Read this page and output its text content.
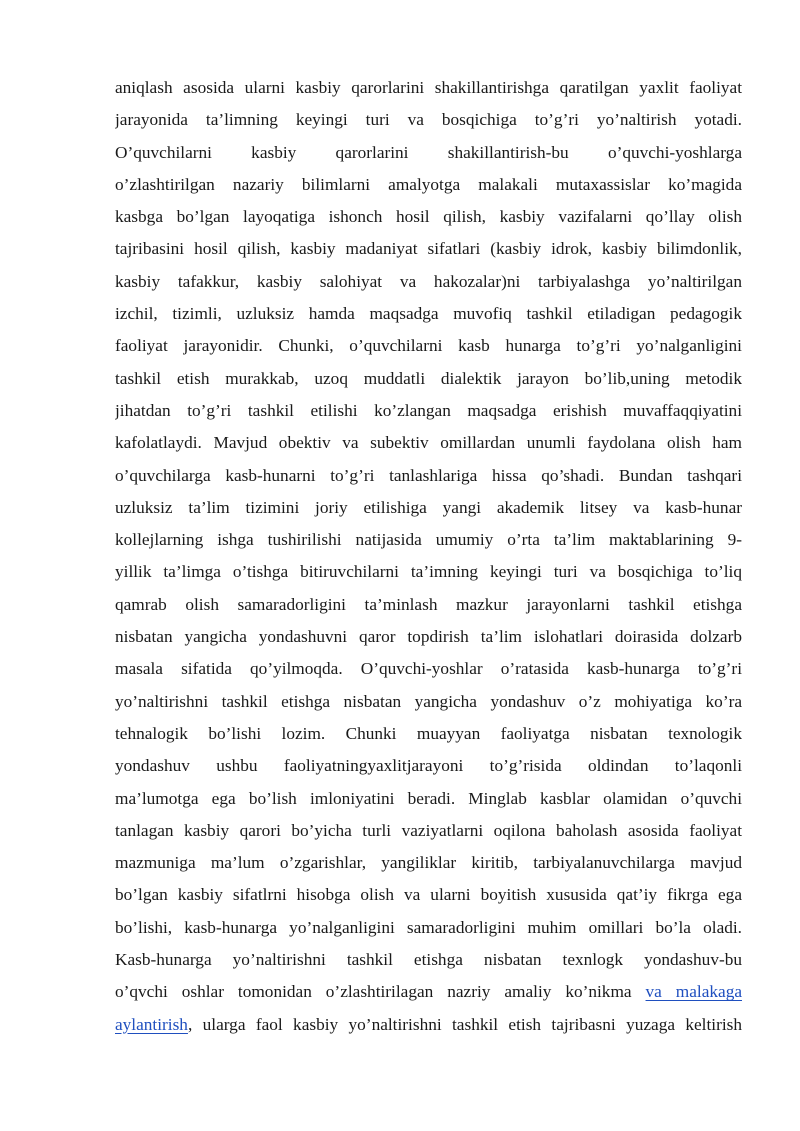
aniqlash asosida ularni kasbiy qarorlarini shakillantirishga qaratilgan yaxlit faoliyat
jarayonida ta’limning keyingi turi va bosqichiga to’g’ri yo’naltirish yotadi.
O’quvchilarni kasbiy qarorlarini shakillantirish-bu o’quvchi-yoshlarga
o’zlashtirilgan nazariy bilimlarni amalyotga malakali mutaxassislar ko’magida
kasbga bo’lgan layoqatiga ishonch hosil qilish, kasbiy vazifalarni qo’llay olish
tajribasini hosil qilish, kasbiy madaniyat sifatlari (kasbiy idrok, kasbiy bilimdonlik,
kasbiy tafakkur, kasbiy salohiyat va hakozalar)ni tarbiyalashga yo’naltirilgan
izchil, tizimli, uzluksiz hamda maqsadga muvofiq tashkil etiladigan pedagogik
faoliyat jarayonidir. Chunki, o’quvchilarni kasb hunarga to’g’ri yo’nalganligini
tashkil etish murakkab, uzoq muddatli dialektik jarayon bo’lib,uning metodik
jihatdan to’g’ri tashkil etilishi ko’zlangan maqsadga erishish muvaffaqqiyatini
kafolatlaydi. Mavjud obektiv va subektiv omillardan unumli faydolana olish ham
o’quvchilarga kasb-hunarni to’g’ri tanlashlariga hissa qo’shadi. Bundan tashqari
uzluksiz ta’lim tizimini joriy etilishiga yangi akademik litsey va kasb-hunar
kollejlarning ishga tushirilishi natijasida umumiy o’rta ta’lim maktablarining 9-
yillik ta’limga o’tishga bitiruvchilarni ta’imning keyingi turi va bosqichiga to’liq
qamrab olish samaradorligini ta’minlash mazkur jarayonlarni tashkil etishga
nisbatan yangicha yondashuvni qaror topdirish ta’lim islohatlari doirasida dolzarb
masala sifatida qo’yilmoqda. O’quvchi-yoshlar o’ratasida kasb-hunarga to’g’ri
yo’naltirishni tashkil etishga nisbatan yangicha yondashuv o’z mohiyatiga ko’ra
tehnalogik bo’lishi lozim. Chunki muayyan faoliyatga nisbatan texnologik
yondashuv ushbu faoliyatningyaxlitjarayoni to’g’risida oldindan to’laqonli
ma’lumotga ega bo’lish imloniyatini beradi. Minglab kasblar olamidan o’quvchi
tanlagan kasbiy qarori bo’yicha turli vaziyatlarni oqilona baholash asosida faoliyat
mazmuniga ma’lum o’zgarishlar, yangiliklar kiritib, tarbiyalanuvchilarga mavjud
bo’lgan kasbiy sifatlrni hisobga olish va ularni boyitish xususida qat’iy fikrga ega
bo’lishi, kasb-hunarga yo’nalganligini samaradorligini muhim omillari bo’la oladi.
Kasb-hunarga yo’naltirishni tashkil etishga nisbatan texnlogk yondashuv-bu
o’qvchi oshlar tomonidan o’zlashtirilagan nazriy amaliy ko’nikma va malakaga
aylantirish, ularga faol kasbiy yo’naltirishni tashkil etish tajribasni yuzaga keltirish
